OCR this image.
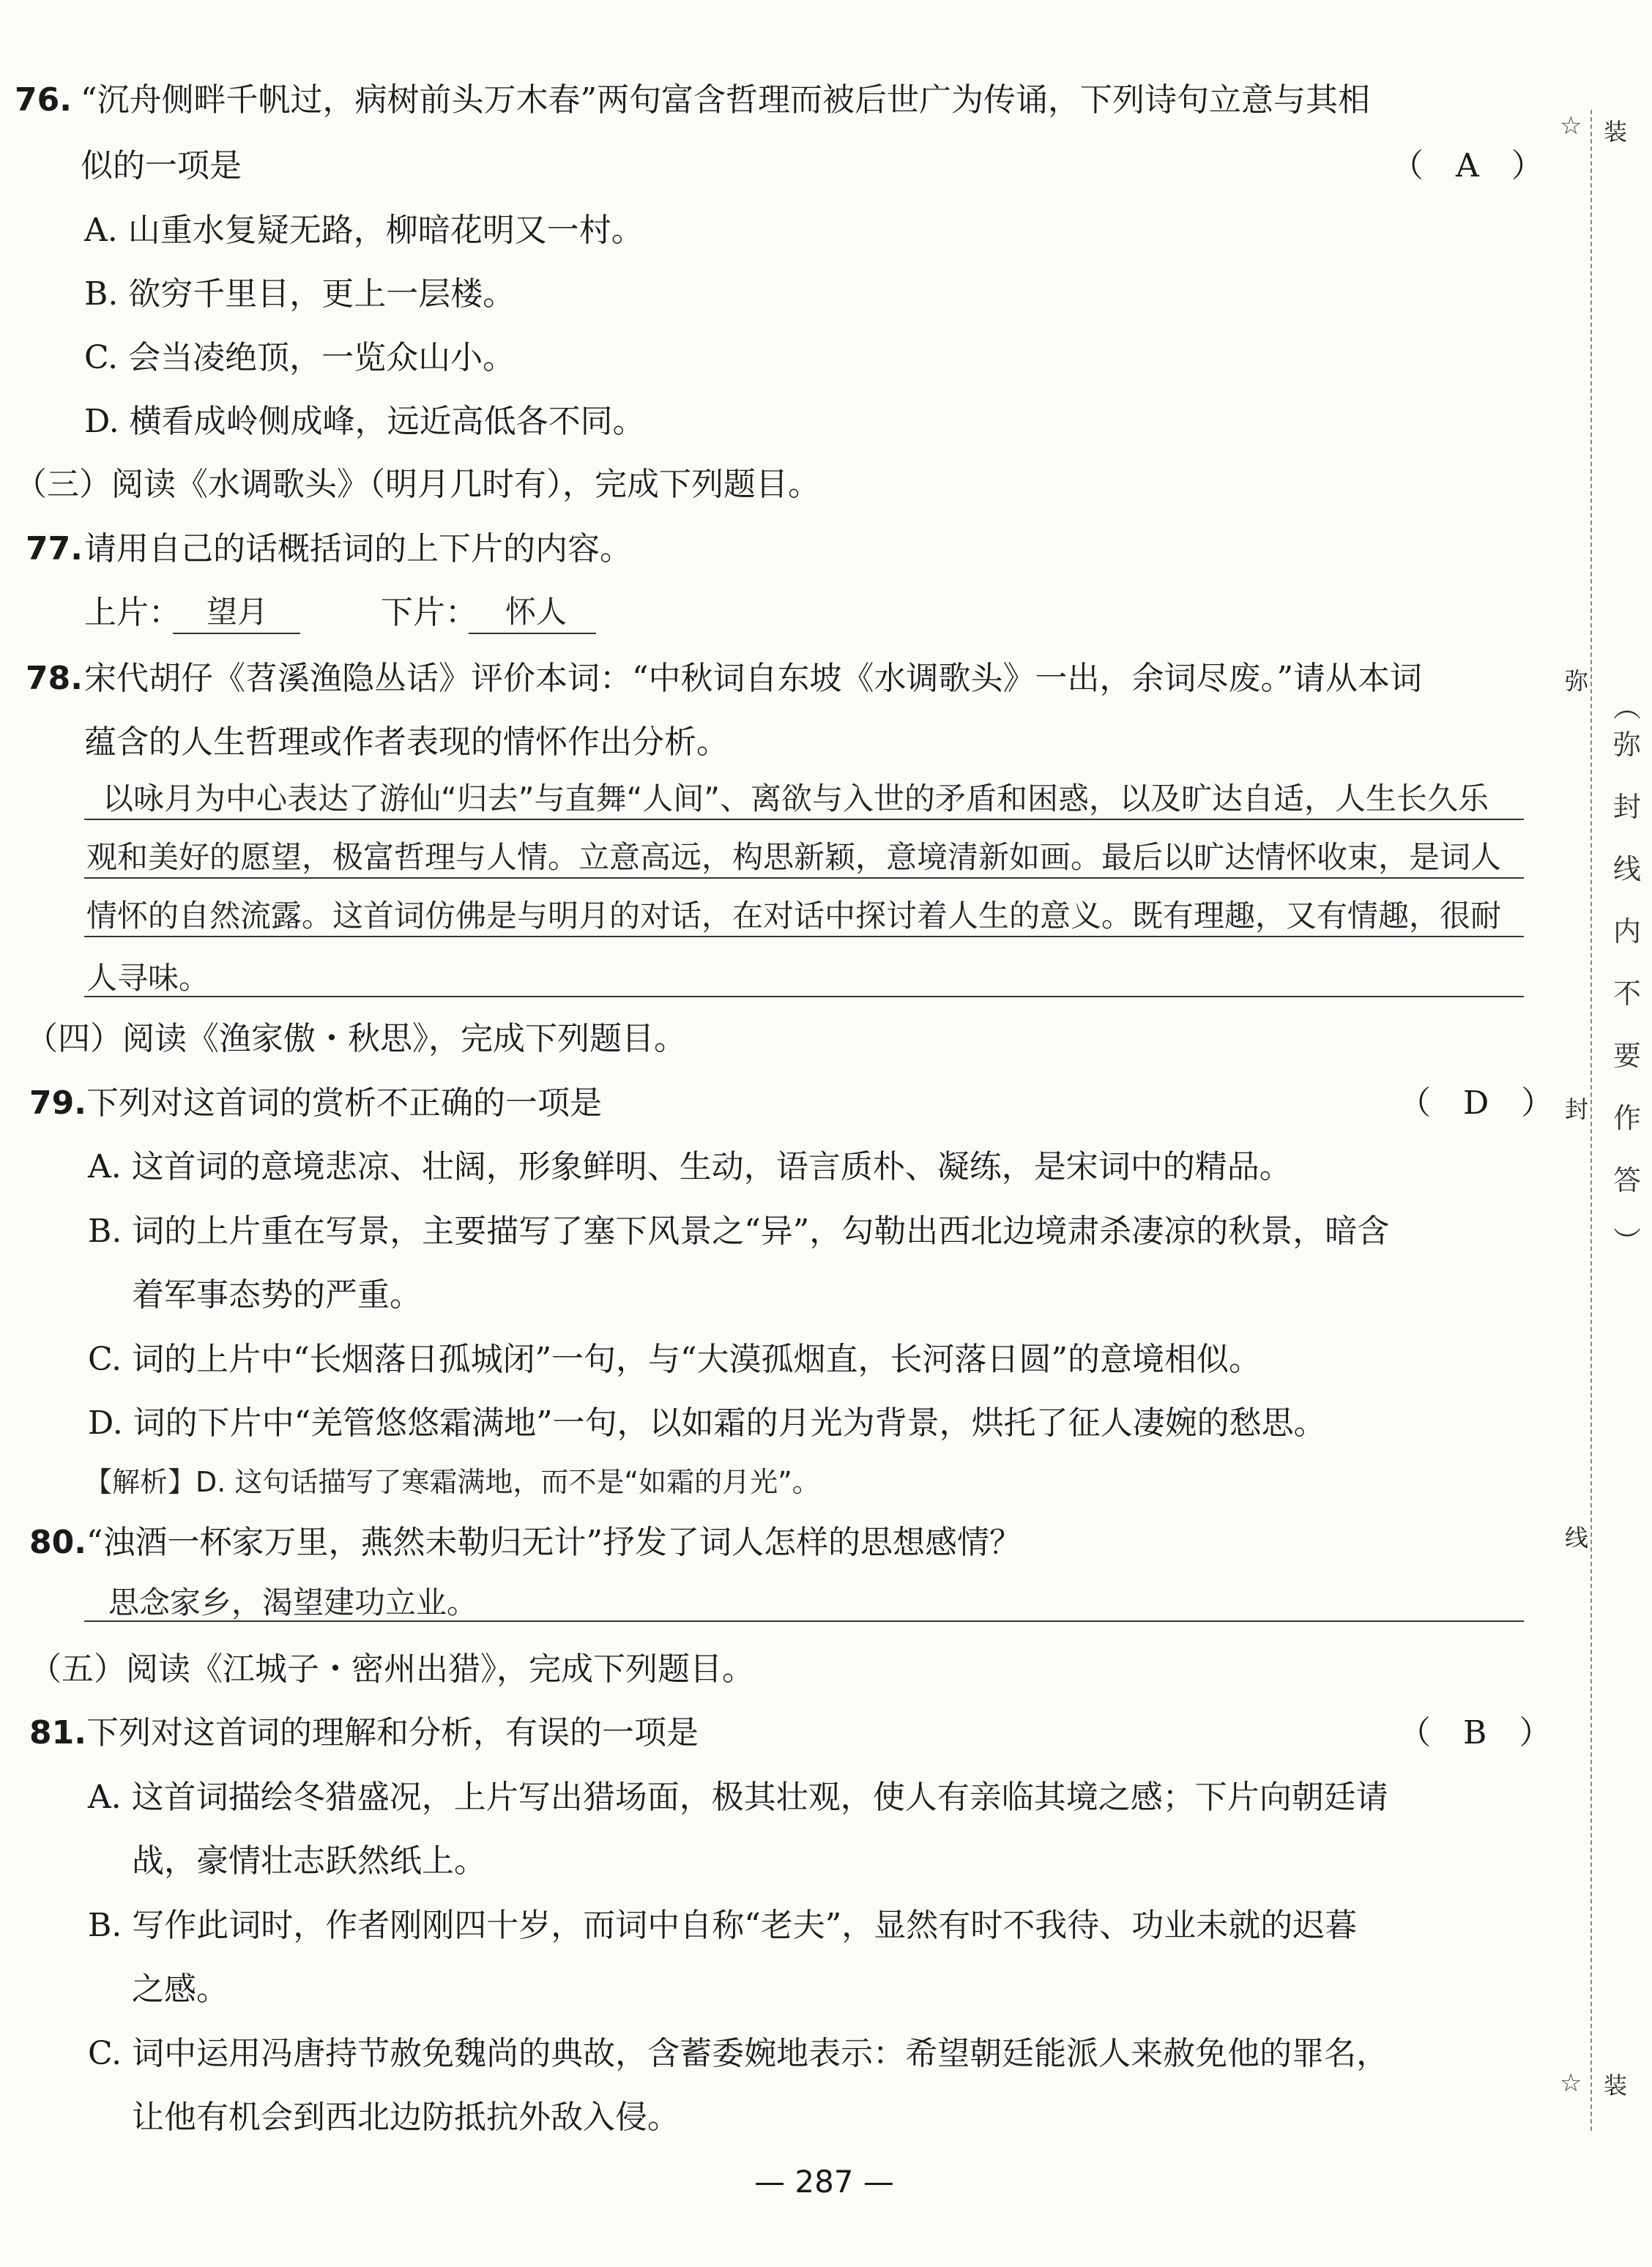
76. “沉舟侧畔千帆过，病树前头万木春”两句富含哲理而被后世广为传诵，下列诗句立意与其相
似的一项是	（　A　）
A. 山重水复疑无路，柳暗花明又一村。
B. 欲穷千里目，更上一层楼。
C. 会当凌绝顶，一览众山小。
D. 横看成岭侧成峰，远近高低各不同。
（三）阅读《水调歌头》（明月几时有），完成下列题目。
77. 请用自己的话概括词的上下片的内容。
上片： 望月	下片： 怀人
78. 宋代胡仔《苕溪渔隐丛话》评价本词：“中秋词自东坡《水调歌头》一出，余词尽废。”请从本词
蕴含的人生哲理或作者表现的情怀作出分析。
以咏月为中心表达了游仙“归去”与直舞“人间”、离欲与入世的矛盾和困惑，以及旷达自适，人生长久乐
观和美好的愿望，极富哲理与人情。立意高远，构思新颖，意境清新如画。最后以旷达情怀收束，是词人
情怀的自然流露。这首词仿佛是与明月的对话，在对话中探讨着人生的意义。既有理趣，又有情趣，很耐
人寻味。
（四）阅读《渔家傲・秋思》，完成下列题目。
79. 下列对这首词的赏析不正确的一项是	（　D　）
A. 这首词的意境悲凉、壮阔，形象鲜明、生动，语言质朴、凝练，是宋词中的精品。
B. 词的上片重在写景，主要描写了塞下风景之“异”，勾勒出西北边境肃杀凄凉的秋景，暗含
着军事态势的严重。
C. 词的上片中“长烟落日孤城闭”一句，与“大漠孤烟直，长河落日圆”的意境相似。
D. 词的下片中“羌管悠悠霜满地”一句，以如霜的月光为背景，烘托了征人凄婉的愁思。
【解析】D. 这句话描写了寒霜满地，而不是“如霜的月光”。
80. “浊酒一杯家万里，燕然未勒归无计”抒发了词人怎样的思想感情？
思念家乡，渴望建功立业。
（五）阅读《江城子・密州出猎》，完成下列题目。
81. 下列对这首词的理解和分析，有误的一项是	（　B　）
A. 这首词描绘冬猎盛况，上片写出猎场面，极其壮观，使人有亲临其境之感；下片向朝廷请
战，豪情壮志跃然纸上。
B. 写作此词时，作者刚刚四十岁，而词中自称“老夫”，显然有时不我待、功业未就的迟暮
之感。
C. 词中运用冯唐持节赦免魏尚的典故，含蓄委婉地表示：希望朝廷能派人来赦免他的罪名，
让他有机会到西北边防抵抗外敌入侵。
— 287 —
☆ 装
弥
封
线
☆ 装
︵
弥
封
线
内
不
要
作
答
︶
